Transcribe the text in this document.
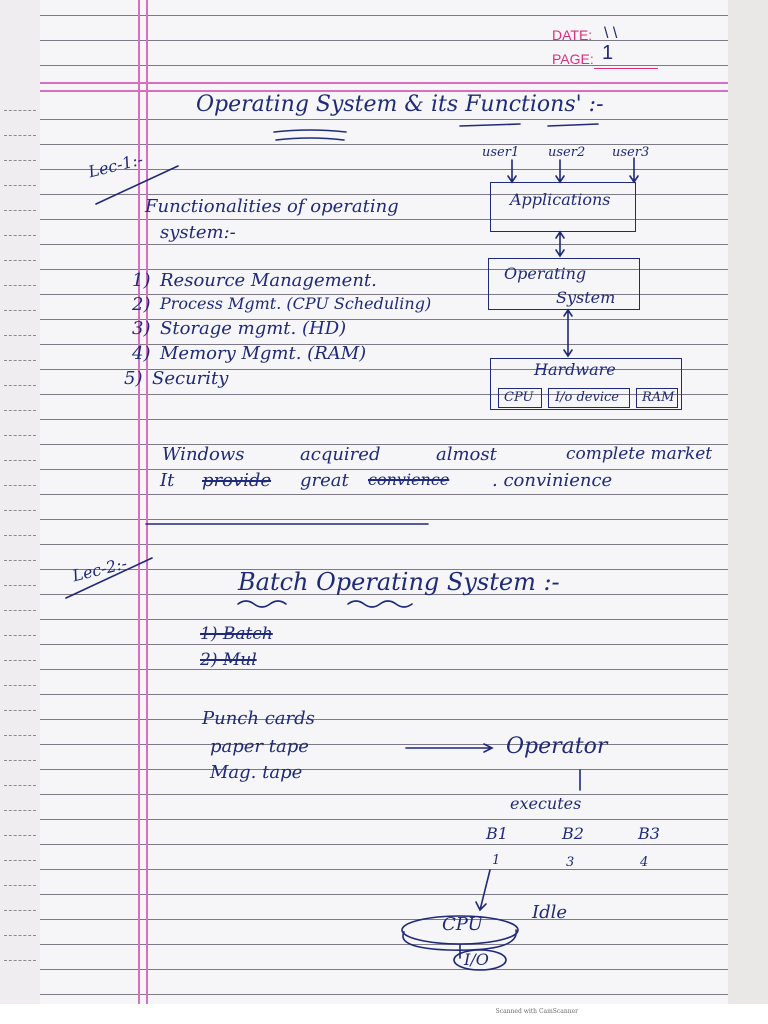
DATE: \ \
PAGE: 1
Operating System & its Functions' :-
Lec-1:-
Functionalities of operating
system:-
1) Resource Management.
2) Process Mgmt. (CPU Scheduling)
3) Storage mgmt. (HD)
4) Memory Mgmt. (RAM)
5) Security
user1 user2 user3
Applications
Operating
System
Hardware
CPU I/o device RAM
Windows	acquired	almost	complete market
It provide great convience . convinience
Lec-2:-	Batch Operating System :-
1) Batch
2) Mul
Punch cards
paper tape
Mag. tape
Operator
executes
B1	B2	B3
1	3	4
CPU
Idle
I/O
Scanned with CamScanner
